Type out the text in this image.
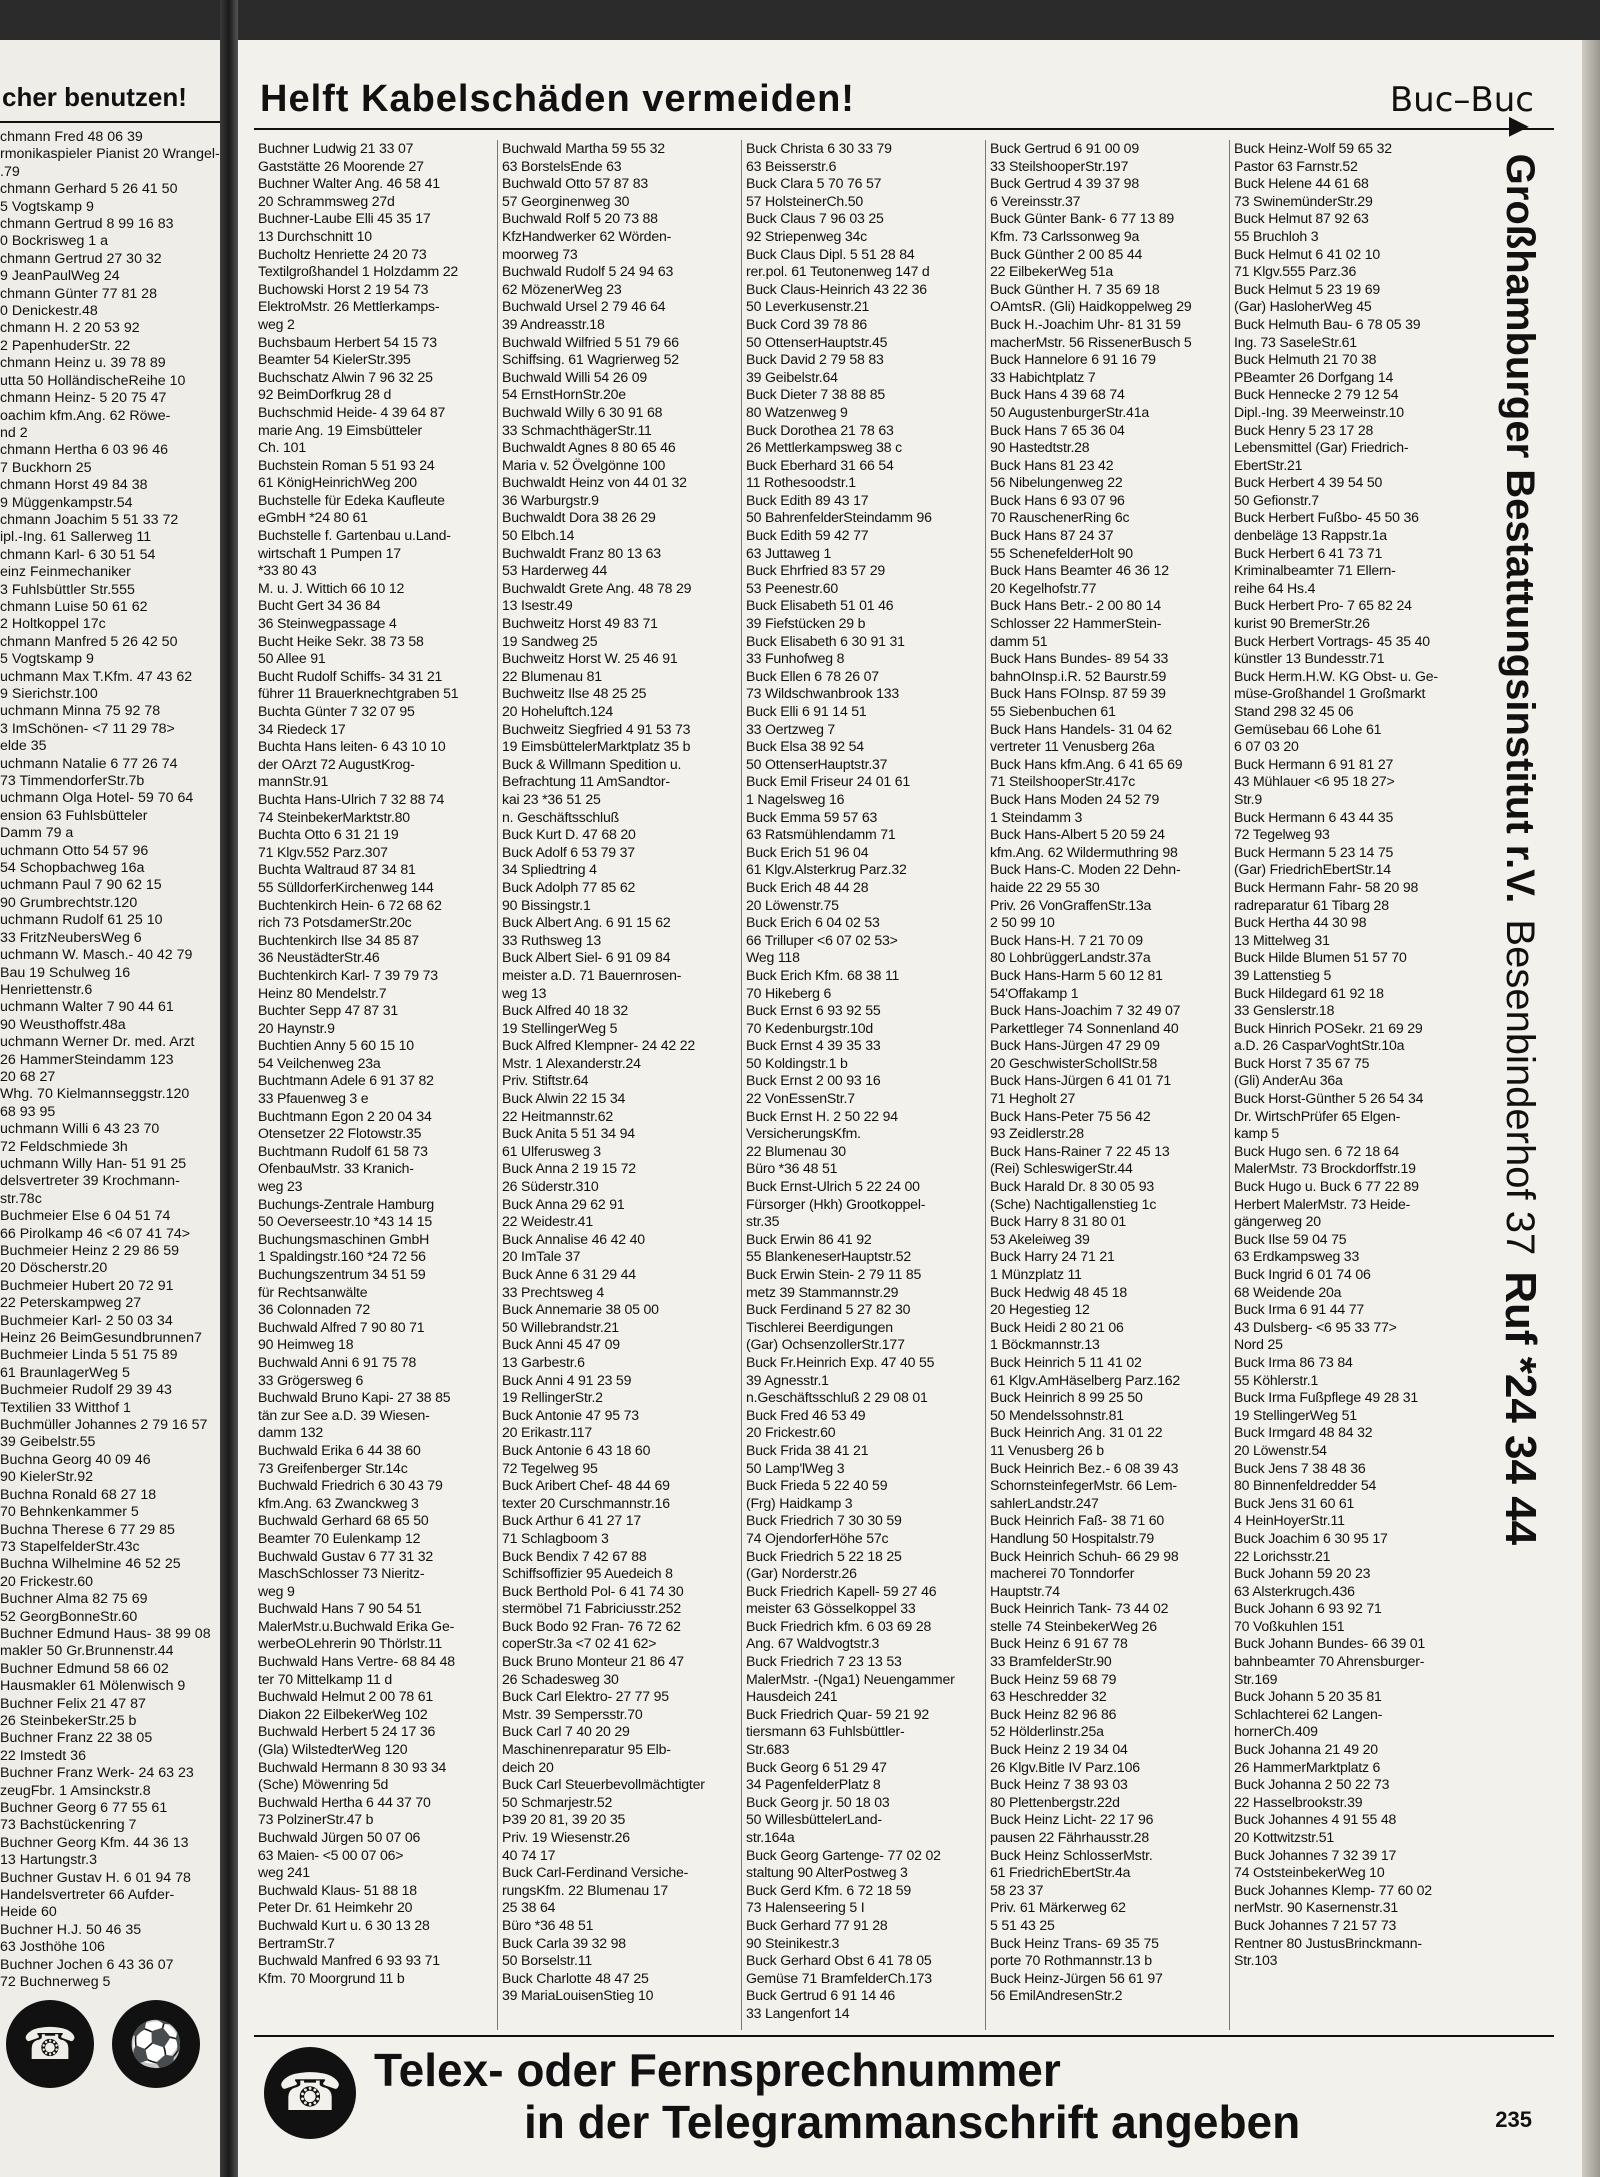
cher benutzen!
chmann Fred 48 06 39
rmonikaspieler Pianist 20 Wrangel-
.79
chmann Gerhard 5 26 41 50
5 Vogtskamp 9
chmann Gertrud 8 99 16 83
0 Bockrisweg 1 a
chmann Gertrud 27 30 32
9 JeanPaulWeg 24
chmann Günter 77 81 28
0 Denickestr.48
chmann H. 2 20 53 92
2 PapenhuderStr. 22
chmann Heinz u. 39 78 89
utta 50 HolländischeReihe 10
chmann Heinz- 5 20 75 47
oachim kfm.Ang. 62 Röwe-
nd 2
chmann Hertha 6 03 96 46
7 Buckhorn 25
chmann Horst 49 84 38
9 Müggenkampstr.54
chmann Joachim 5 51 33 72
ipl.-Ing. 61 Sallerweg 11
chmann Karl- 6 30 51 54
einz Feinmechaniker
3 Fuhlsbüttler Str.555
chmann Luise 50 61 62
2 Holtkoppel 17c
chmann Manfred 5 26 42 50
5 Vogtskamp 9
uchmann Max T.Kfm. 47 43 62
9 Sierichstr.100
uchmann Minna 75 92 78
3 ImSchönen- <7 11 29 78>
elde 35
uchmann Natalie 6 77 26 74
73 TimmendorferStr.7b
uchmann Olga Hotel- 59 70 64
ension 63 Fuhlsbütteler
Damm 79 a
uchmann Otto 54 57 96
54 Schopbachweg 16a
uchmann Paul 7 90 62 15
90 Grumbrechtstr.120
uchmann Rudolf 61 25 10
33 FritzNeubersWeg 6
uchmann W. Masch.- 40 42 79
Bau 19 Schulweg 16
Henriettenstr.6
uchmann Walter 7 90 44 61
90 Weusthoffstr.48a
uchmann Werner Dr. med. Arzt
26 HammerSteindamm 123
20 68 27
Whg. 70 Kielmannseggstr.120
68 93 95
uchmann Willi 6 43 23 70
72 Feldschmiede 3h
uchmann Willy Han- 51 91 25
delsvertreter 39 Krochmann-
str.78c
Buchmeier Else 6 04 51 74
66 Pirolkamp 46 <6 07 41 74>
Buchmeier Heinz 2 29 86 59
20 Döscherstr.20
Buchmeier Hubert 20 72 91
22 Peterskampweg 27
Buchmeier Karl- 2 50 03 34
Heinz 26 BeimGesundbrunnen7
Buchmeier Linda 5 51 75 89
61 BraunlagerWeg 5
Buchmeier Rudolf 29 39 43
Textilien 33 Witthof 1
Buchmüller Johannes 2 79 16 57
39 Geibelstr.55
Buchna Georg 40 09 46
90 KielerStr.92
Buchna Ronald 68 27 18
70 Behnkenkammer 5
Buchna Therese 6 77 29 85
73 StapelfelderStr.43c
Buchna Wilhelmine 46 52 25
20 Frickestr.60
Buchner Alma 82 75 69
52 GeorgBonneStr.60
Buchner Edmund Haus- 38 99 08
makler 50 Gr.Brunnenstr.44
Buchner Edmund 58 66 02
Hausmakler 61 Mölenwisch 9
Buchner Felix 21 47 87
26 SteinbekerStr.25 b
Buchner Franz 22 38 05
22 Imstedt 36
Buchner Franz Werk- 24 63 23
zeugFbr. 1 Amsinckstr.8
Buchner Georg 6 77 55 61
73 Bachstückenring 7
Buchner Georg Kfm. 44 36 13
13 Hartungstr.3
Buchner Gustav H. 6 01 94 78
Handelsvertreter 66 Aufder-
Heide 60
Buchner H.J. 50 46 35
63 Josthöhe 106
Buchner Jochen 6 43 36 07
72 Buchnerweg 5
☎	⚽
Helft Kabelschäden vermeiden!	Buc–Buc
Buchner Ludwig 21 33 07
Gaststätte 26 Moorende 27
Buchner Walter Ang. 46 58 41
20 Schrammsweg 27d
Buchner-Laube Elli 45 35 17
13 Durchschnitt 10
Bucholtz Henriette 24 20 73
Textilgroßhandel 1 Holzdamm 22
Buchowski Horst 2 19 54 73
ElektroMstr. 26 Mettlerkamps-
weg 2
Buchsbaum Herbert 54 15 73
Beamter 54 KielerStr.395
Buchschatz Alwin 7 96 32 25
92 BeimDorfkrug 28 d
Buchschmid Heide- 4 39 64 87
marie Ang. 19 Eimsbütteler
Ch. 101
Buchstein Roman 5 51 93 24
61 KönigHeinrichWeg 200
Buchstelle für Edeka Kaufleute
eGmbH *24 80 61
Buchstelle f. Gartenbau u.Land-
wirtschaft 1 Pumpen 17
*33 80 43
M. u. J. Wittich 66 10 12
Bucht Gert 34 36 84
36 Steinwegpassage 4
Bucht Heike Sekr. 38 73 58
50 Allee 91
Bucht Rudolf Schiffs- 34 31 21
führer 11 Brauerknechtgraben 51
Buchta Günter 7 32 07 95
34 Riedeck 17
Buchta Hans leiten- 6 43 10 10
der OArzt 72 AugustKrog-
mannStr.91
Buchta Hans-Ulrich 7 32 88 74
74 SteinbekerMarktstr.80
Buchta Otto 6 31 21 19
71 Klgv.552 Parz.307
Buchta Waltraud 87 34 81
55 SülldorferKirchenweg 144
Buchtenkirch Hein- 6 72 68 62
rich 73 PotsdamerStr.20c
Buchtenkirch Ilse 34 85 87
36 NeustädterStr.46
Buchtenkirch Karl- 7 39 79 73
Heinz 80 Mendelstr.7
Buchter Sepp 47 87 31
20 Haynstr.9
Buchtien Anny 5 60 15 10
54 Veilchenweg 23a
Buchtmann Adele 6 91 37 82
33 Pfauenweg 3 e
Buchtmann Egon 2 20 04 34
Otensetzer 22 Flotowstr.35
Buchtmann Rudolf 61 58 73
OfenbauMstr. 33 Kranich-
weg 23
Buchungs-Zentrale Hamburg
50 Oeverseestr.10 *43 14 15
Buchungsmaschinen GmbH
1 Spaldingstr.160 *24 72 56
Buchungszentrum 34 51 59
für Rechtsanwälte
36 Colonnaden 72
Buchwald Alfred 7 90 80 71
90 Heimweg 18
Buchwald Anni 6 91 75 78
33 Grögersweg 6
Buchwald Bruno Kapi- 27 38 85
tän zur See a.D. 39 Wiesen-
damm 132
Buchwald Erika 6 44 38 60
73 Greifenberger Str.14c
Buchwald Friedrich 6 30 43 79
kfm.Ang. 63 Zwanckweg 3
Buchwald Gerhard 68 65 50
Beamter 70 Eulenkamp 12
Buchwald Gustav 6 77 31 32
MaschSchlosser 73 Nieritz-
weg 9
Buchwald Hans 7 90 54 51
MalerMstr.u.Buchwald Erika Ge-
werbeOLehrerin 90 Thörlstr.11
Buchwald Hans Vertre- 68 84 48
ter 70 Mittelkamp 11 d
Buchwald Helmut 2 00 78 61
Diakon 22 EilbekerWeg 102
Buchwald Herbert 5 24 17 36
(Gla) WilstedterWeg 120
Buchwald Hermann 8 30 93 34
(Sche) Möwenring 5d
Buchwald Hertha 6 44 37 70
73 PolzinerStr.47 b
Buchwald Jürgen 50 07 06
63 Maien- <5 00 07 06>
weg 241
Buchwald Klaus- 51 88 18
Peter Dr. 61 Heimkehr 20
Buchwald Kurt u. 6 30 13 28
BertramStr.7
Buchwald Manfred 6 93 93 71
Kfm. 70 Moorgrund 11 b
Buchwald Martha 59 55 32
63 BorstelsEnde 63
Buchwald Otto 57 87 83
57 Georginenweg 30
Buchwald Rolf 5 20 73 88
KfzHandwerker 62 Wörden-
moorweg 73
Buchwald Rudolf 5 24 94 63
62 MözenerWeg 23
Buchwald Ursel 2 79 46 64
39 Andreasstr.18
Buchwald Wilfried 5 51 79 66
Schiffsing. 61 Wagrierweg 52
Buchwald Willi 54 26 09
54 ErnstHornStr.20e
Buchwald Willy 6 30 91 68
33 SchmachthägerStr.11
Buchwaldt Agnes 8 80 65 46
Maria v. 52 Övelgönne 100
Buchwaldt Heinz von 44 01 32
36 Warburgstr.9
Buchwaldt Dora 38 26 29
50 Elbch.14
Buchwaldt Franz 80 13 63
53 Harderweg 44
Buchwaldt Grete Ang. 48 78 29
13 Isestr.49
Buchweitz Horst 49 83 71
19 Sandweg 25
Buchweitz Horst W. 25 46 91
22 Blumenau 81
Buchweitz Ilse 48 25 25
20 Hoheluftch.124
Buchweitz Siegfried 4 91 53 73
19 EimsbüttelerMarktplatz 35 b
Buck & Willmann Spedition u.
Befrachtung 11 AmSandtor-
kai 23 *36 51 25
n. Geschäftsschluß
Buck Kurt D. 47 68 20
Buck Adolf 6 53 79 37
34 Spliedtring 4
Buck Adolph 77 85 62
90 Bissingstr.1
Buck Albert Ang. 6 91 15 62
33 Ruthsweg 13
Buck Albert Siel- 6 91 09 84
meister a.D. 71 Bauernrosen-
weg 13
Buck Alfred 40 18 32
19 StellingerWeg 5
Buck Alfred Klempner- 24 42 22
Mstr. 1 Alexanderstr.24
Priv. Stiftstr.64
Buck Alwin 22 15 34
22 Heitmannstr.62
Buck Anita 5 51 34 94
61 Ulferusweg 3
Buck Anna 2 19 15 72
26 Süderstr.310
Buck Anna 29 62 91
22 Weidestr.41
Buck Annalise 46 42 40
20 ImTale 37
Buck Anne 6 31 29 44
33 Prechtsweg 4
Buck Annemarie 38 05 00
50 Willebrandstr.21
Buck Anni 45 47 09
13 Garbestr.6
Buck Anni 4 91 23 59
19 RellingerStr.2
Buck Antonie 47 95 73
20 Erikastr.117
Buck Antonie 6 43 18 60
72 Tegelweg 95
Buck Aribert Chef- 48 44 69
texter 20 Curschmannstr.16
Buck Arthur 6 41 27 17
71 Schlagboom 3
Buck Bendix 7 42 67 88
Schiffsoffizier 95 Auedeich 8
Buck Berthold Pol- 6 41 74 30
stermöbel 71 Fabriciusstr.252
Buck Bodo 92 Fran- 76 72 62
coperStr.3a <7 02 41 62>
Buck Bruno Monteur 21 86 47
26 Schadesweg 30
Buck Carl Elektro- 27 77 95
Mstr. 39 Sempersstr.70
Buck Carl 7 40 20 29
Maschinenreparatur 95 Elb-
deich 20
Buck Carl Steuerbevollmächtigter
50 Schmarjestr.52
Þ39 20 81, 39 20 35
Priv. 19 Wiesenstr.26
40 74 17
Buck Carl-Ferdinand Versiche-
rungsKfm. 22 Blumenau 17
25 38 64
Büro *36 48 51
Buck Carla 39 32 98
50 Borselstr.11
Buck Charlotte 48 47 25
39 MariaLouisenStieg 10
Buck Christa 6 30 33 79
63 Beisserstr.6
Buck Clara 5 70 76 57
57 HolsteinerCh.50
Buck Claus 7 96 03 25
92 Striepenweg 34c
Buck Claus Dipl. 5 51 28 84
rer.pol. 61 Teutonenweg 147 d
Buck Claus-Heinrich 43 22 36
50 Leverkusenstr.21
Buck Cord 39 78 86
50 OttenserHauptstr.45
Buck David 2 79 58 83
39 Geibelstr.64
Buck Dieter 7 38 88 85
80 Watzenweg 9
Buck Dorothea 21 78 63
26 Mettlerkampsweg 38 c
Buck Eberhard 31 66 54
11 Rothesoodstr.1
Buck Edith 89 43 17
50 BahrenfelderSteindamm 96
Buck Edith 59 42 77
63 Juttaweg 1
Buck Ehrfried 83 57 29
53 Peenestr.60
Buck Elisabeth 51 01 46
39 Fiefstücken 29 b
Buck Elisabeth 6 30 91 31
33 Funhofweg 8
Buck Ellen 6 78 26 07
73 Wildschwanbrook 133
Buck Elli 6 91 14 51
33 Oertzweg 7
Buck Elsa 38 92 54
50 OttenserHauptstr.37
Buck Emil Friseur 24 01 61
1 Nagelsweg 16
Buck Emma 59 57 63
63 Ratsmühlendamm 71
Buck Erich 51 96 04
61 Klgv.Alsterkrug Parz.32
Buck Erich 48 44 28
20 Löwenstr.75
Buck Erich 6 04 02 53
66 Trilluper <6 07 02 53>
Weg 118
Buck Erich Kfm. 68 38 11
70 Hikeberg 6
Buck Ernst 6 93 92 55
70 Kedenburgstr.10d
Buck Ernst 4 39 35 33
50 Koldingstr.1 b
Buck Ernst 2 00 93 16
22 VonEssenStr.7
Buck Ernst H. 2 50 22 94
VersicherungsKfm.
22 Blumenau 30
Büro *36 48 51
Buck Ernst-Ulrich 5 22 24 00
Fürsorger (Hkh) Grootkoppel-
str.35
Buck Erwin 86 41 92
55 BlankeneserHauptstr.52
Buck Erwin Stein- 2 79 11 85
metz 39 Stammannstr.29
Buck Ferdinand 5 27 82 30
Tischlerei Beerdigungen
(Gar) OchsenzollerStr.177
Buck Fr.Heinrich Exp. 47 40 55
39 Agnesstr.1
n.Geschäftsschluß 2 29 08 01
Buck Fred 46 53 49
20 Frickestr.60
Buck Frida 38 41 21
50 Lamp'lWeg 3
Buck Frieda 5 22 40 59
(Frg) Haidkamp 3
Buck Friedrich 7 30 30 59
74 OjendorferHöhe 57c
Buck Friedrich 5 22 18 25
(Gar) Norderstr.26
Buck Friedrich Kapell- 59 27 46
meister 63 Gösselkoppel 33
Buck Friedrich kfm. 6 03 69 28
Ang. 67 Waldvogtstr.3
Buck Friedrich 7 23 13 53
MalerMstr. -(Nga1) Neuengammer
Hausdeich 241
Buck Friedrich Quar- 59 21 92
tiersmann 63 Fuhlsbüttler-
Str.683
Buck Georg 6 51 29 47
34 PagenfelderPlatz 8
Buck Georg jr. 50 18 03
50 WillesbüttelerLand-
str.164a
Buck Georg Gartenge- 77 02 02
staltung 90 AlterPostweg 3
Buck Gerd Kfm. 6 72 18 59
73 Halenseering 5 I
Buck Gerhard 77 91 28
90 Steinikestr.3
Buck Gerhard Obst 6 41 78 05
Gemüse 71 BramfelderCh.173
Buck Gertrud 6 91 14 46
33 Langenfort 14
Buck Gertrud 6 91 00 09
33 SteilshooperStr.197
Buck Gertrud 4 39 37 98
6 Vereinsstr.37
Buck Günter Bank- 6 77 13 89
Kfm. 73 Carlssonweg 9a
Buck Günther 2 00 85 44
22 EilbekerWeg 51a
Buck Günther H. 7 35 69 18
OAmtsR. (Gli) Haidkoppelweg 29
Buck H.-Joachim Uhr- 81 31 59
macherMstr. 56 RissenerBusch 5
Buck Hannelore 6 91 16 79
33 Habichtplatz 7
Buck Hans 4 39 68 74
50 AugustenburgerStr.41a
Buck Hans 7 65 36 04
90 Hastedtstr.28
Buck Hans 81 23 42
56 Nibelungenweg 22
Buck Hans 6 93 07 96
70 RauschenerRing 6c
Buck Hans 87 24 37
55 SchenefelderHolt 90
Buck Hans Beamter 46 36 12
20 Kegelhofstr.77
Buck Hans Betr.- 2 00 80 14
Schlosser 22 HammerStein-
damm 51
Buck Hans Bundes- 89 54 33
bahnOInsp.i.R. 52 Baurstr.59
Buck Hans FOInsp. 87 59 39
55 Siebenbuchen 61
Buck Hans Handels- 31 04 62
vertreter 11 Venusberg 26a
Buck Hans kfm.Ang. 6 41 65 69
71 SteilshooperStr.417c
Buck Hans Moden 24 52 79
1 Steindamm 3
Buck Hans-Albert 5 20 59 24
kfm.Ang. 62 Wildermuthring 98
Buck Hans-C. Moden 22 Dehn-
haide 22 29 55 30
Priv. 26 VonGraffenStr.13a
2 50 99 10
Buck Hans-H. 7 21 70 09
80 LohbrüggerLandstr.37a
Buck Hans-Harm 5 60 12 81
54'Offakamp 1
Buck Hans-Joachim 7 32 49 07
Parkettleger 74 Sonnenland 40
Buck Hans-Jürgen 47 29 09
20 GeschwisterSchollStr.58
Buck Hans-Jürgen 6 41 01 71
71 Hegholt 27
Buck Hans-Peter 75 56 42
93 Zeidlerstr.28
Buck Hans-Rainer 7 22 45 13
(Rei) SchleswigerStr.44
Buck Harald Dr. 8 30 05 93
(Sche) Nachtigallenstieg 1c
Buck Harry 8 31 80 01
53 Akeleiweg 39
Buck Harry 24 71 21
1 Münzplatz 11
Buck Hedwig 48 45 18
20 Hegestieg 12
Buck Heidi 2 80 21 06
1 Böckmannstr.13
Buck Heinrich 5 11 41 02
61 Klgv.AmHäselberg Parz.162
Buck Heinrich 8 99 25 50
50 Mendelssohnstr.81
Buck Heinrich Ang. 31 01 22
11 Venusberg 26 b
Buck Heinrich Bez.- 6 08 39 43
SchornsteinfegerMstr. 66 Lem-
sahlerLandstr.247
Buck Heinrich Faß- 38 71 60
Handlung 50 Hospitalstr.79
Buck Heinrich Schuh- 66 29 98
macherei 70 Tonndorfer
Hauptstr.74
Buck Heinrich Tank- 73 44 02
stelle 74 SteinbekerWeg 26
Buck Heinz 6 91 67 78
33 BramfelderStr.90
Buck Heinz 59 68 79
63 Heschredder 32
Buck Heinz 82 96 86
52 Hölderlinstr.25a
Buck Heinz 2 19 34 04
26 Klgv.Bitle IV Parz.106
Buck Heinz 7 38 93 03
80 Plettenbergstr.22d
Buck Heinz Licht- 22 17 96
pausen 22 Fährhausstr.28
Buck Heinz SchlosserMstr.
61 FriedrichEbertStr.4a
58 23 37
Priv. 61 Märkerweg 62
5 51 43 25
Buck Heinz Trans- 69 35 75
porte 70 Rothmannstr.13 b
Buck Heinz-Jürgen 56 61 97
56 EmilAndresenStr.2
Buck Heinz-Wolf 59 65 32
Pastor 63 Farnstr.52
Buck Helene 44 61 68
73 SwinemünderStr.29
Buck Helmut 87 92 63
55 Bruchloh 3
Buck Helmut 6 41 02 10
71 Klgv.555 Parz.36
Buck Helmut 5 23 19 69
(Gar) HaslohеrWeg 45
Buck Helmuth Bau- 6 78 05 39
Ing. 73 SaseleStr.61
Buck Helmuth 21 70 38
PBeamter 26 Dorfgang 14
Buck Hennecke 2 79 12 54
Dipl.-Ing. 39 Meerweinstr.10
Buck Henry 5 23 17 28
Lebensmittel (Gar) Friedrich-
EbertStr.21
Buck Herbert 4 39 54 50
50 Gefionstr.7
Buck Herbert Fußbo- 45 50 36
denbeläge 13 Rappstr.1a
Buck Herbert 6 41 73 71
Kriminalbeamter 71 Ellern-
reihe 64 Hs.4
Buck Herbert Pro- 7 65 82 24
kurist 90 BremerStr.26
Buck Herbert Vortrags- 45 35 40
künstler 13 Bundesstr.71
Buck Herm.H.W. KG Obst- u. Ge-
müse-Großhandel 1 Großmarkt
Stand 298 32 45 06
Gemüsebau 66 Lohe 61
6 07 03 20
Buck Hermann 6 91 81 27
43 Mühlauer <6 95 18 27>
Str.9
Buck Hermann 6 43 44 35
72 Tegelweg 93
Buck Hermann 5 23 14 75
(Gar) FriedrichEbertStr.14
Buck Hermann Fahr- 58 20 98
radreparatur 61 Tibarg 28
Buck Hertha 44 30 98
13 Mittelweg 31
Buck Hilde Blumen 51 57 70
39 Lattenstieg 5
Buck Hildegard 61 92 18
33 Genslerstr.18
Buck Hinrich POSekr. 21 69 29
a.D. 26 CasparVoghtStr.10a
Buck Horst 7 35 67 75
(Gli) AnderAu 36a
Buck Horst-Günther 5 26 54 34
Dr. WirtschPrüfer 65 Elgen-
kamp 5
Buck Hugo sen. 6 72 18 64
MalerMstr. 73 Brockdorffstr.19
Buck Hugo u. Buck 6 77 22 89
Herbert MalerMstr. 73 Heide-
gängerweg 20
Buck Ilse 59 04 75
63 Erdkampsweg 33
Buck Ingrid 6 01 74 06
68 Weidende 20a
Buck Irma 6 91 44 77
43 Dulsberg- <6 95 33 77>
Nord 25
Buck Irma 86 73 84
55 Köhlerstr.1
Buck Irma Fußpflege 49 28 31
19 StellingerWeg 51
Buck Irmgard 48 84 32
20 Löwenstr.54
Buck Jens 7 38 48 36
80 Binnenfeldredder 54
Buck Jens 31 60 61
4 HeinHoyerStr.11
Buck Joachim 6 30 95 17
22 Lorichsstr.21
Buck Johann 59 20 23
63 Alsterkrugch.436
Buck Johann 6 93 92 71
70 Voßkuhlen 151
Buck Johann Bundes- 66 39 01
bahnbeamter 70 Ahrensburger-
Str.169
Buck Johann 5 20 35 81
Schlachterei 62 Langen-
hornerCh.409
Buck Johanna 21 49 20
26 HammerMarktplatz 6
Buck Johanna 2 50 22 73
22 Hasselbrookstr.39
Buck Johannes 4 91 55 48
20 Kottwitzstr.51
Buck Johannes 7 32 39 17
74 OststeinbekerWeg 10
Buck Johannes Klemp- 77 60 02
nerMstr. 90 Kasernenstr.31
Buck Johannes 7 21 57 73
Rentner 80 JustusBrinckmann-
Str.103
▲
Großhamburger Bestattungsinstitut r.V.
Besenbinderhof 37
Ruf *24 34 44
☎ Telex- oder Fernsprechnummer
in der Telegrammanschrift angeben	235
